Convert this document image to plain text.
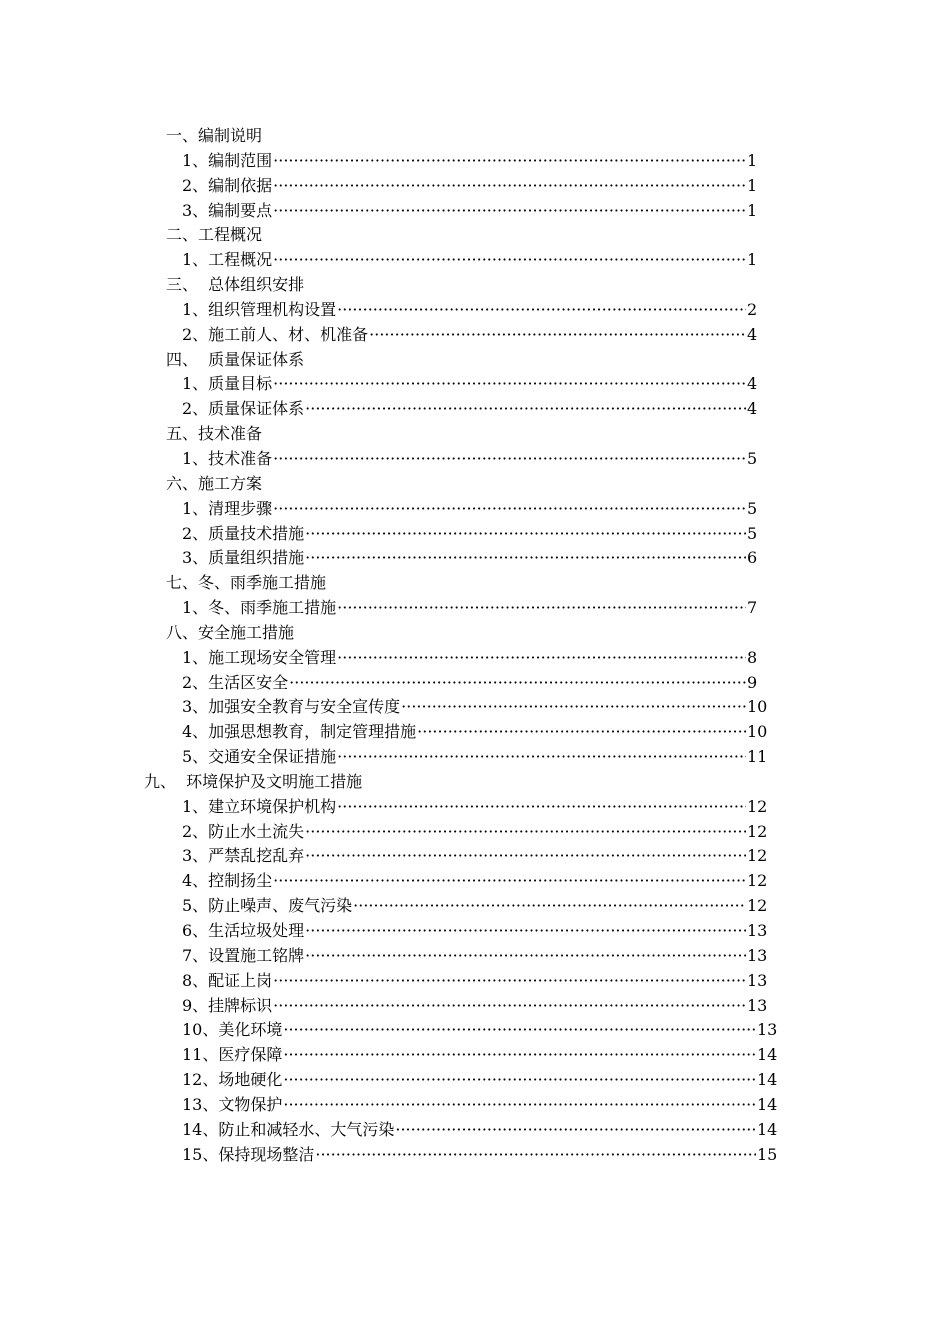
一、编制说明
1、编制范围 ·····	1
2、编制依据 ·····	1
3、编制要点 ·····	1
二、工程概况
1、工程概况 ·····	1
三、  总体组织安排
1、组织管理机构设置 ·····	2
2、施工前人、材、机准备 ·····	4
四、  质量保证体系
1、质量目标 ·····	4
2、质量保证体系 ·····	4
五、技术准备
1、技术准备 ·····	5
六、施工方案
1、清理步骤 ·····	5
2、质量技术措施 ·····	5
3、质量组织措施 ·····	6
七、冬、雨季施工措施
1、冬、雨季施工措施 ·····	7
八、安全施工措施
1、施工现场安全管理 ·····	8
2、生活区安全 ·····	9
3、加强安全教育与安全宣传度 ·····	10
4、加强思想教育，制定管理措施 ·····	10
5、交通安全保证措施 ·····	11
九、  环境保护及文明施工措施
1、建立环境保护机构 ·····	12
2、防止水土流失 ·····	12
3、严禁乱挖乱弃 ·····	12
4、控制扬尘 ·····	12
5、防止噪声、废气污染 ·····	12
6、生活垃圾处理 ·····	13
7、设置施工铭牌 ·····	13
8、配证上岗 ·····	13
9、挂牌标识 ·····	13
10、美化环境 ·····	13
11、医疗保障 ·····	14
12、场地硬化 ·····	14
13、文物保护 ·····	14
14、防止和减轻水、大气污染 ·····	14
15、保持现场整洁 ·····	15
